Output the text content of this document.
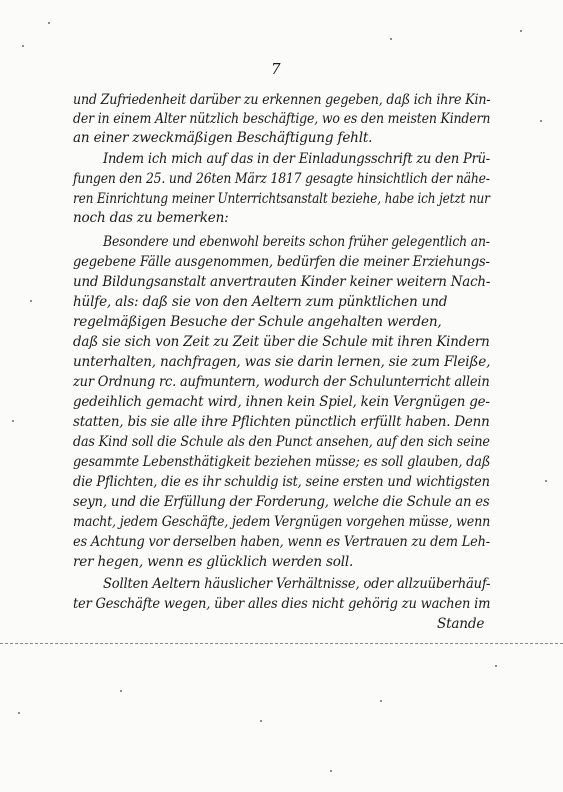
7
und Zufriedenheit darüber zu erkennen gegeben, daß ich ihre Kin-
der in einem Alter nützlich beschäftige, wo es den meisten Kindern
an einer zweckmäßigen Beschäftigung fehlt.
Indem ich mich auf das in der Einladungsschrift zu den Prü-
fungen den 25. und 26ten März 1817 gesagte hinsichtlich der nähe-
ren Einrichtung meiner Unterrichtsanstalt beziehe, habe ich jetzt nur
noch das zu bemerken:
Besondere und ebenwohl bereits schon früher gelegentlich an-
gegebene Fälle ausgenommen, bedürfen die meiner Erziehungs-
und Bildungsanstalt anvertrauten Kinder keiner weitern Nach-
hülfe, als: daß sie von den Aeltern zum pünktlichen und
regelmäßigen Besuche der Schule angehalten werden,
daß sie sich von Zeit zu Zeit über die Schule mit ihren Kindern
unterhalten, nachfragen, was sie darin lernen, sie zum Fleiße,
zur Ordnung rc. aufmuntern, wodurch der Schulunterricht allein
gedeihlich gemacht wird, ihnen kein Spiel, kein Vergnügen ge-
statten, bis sie alle ihre Pflichten pünctlich erfüllt haben. Denn
das Kind soll die Schule als den Punct ansehen, auf den sich seine
gesammte Lebensthätigkeit beziehen müsse; es soll glauben, daß
die Pflichten, die es ihr schuldig ist, seine ersten und wichtigsten
seyn, und die Erfüllung der Forderung, welche die Schule an es
macht, jedem Geschäfte, jedem Vergnügen vorgehen müsse, wenn
es Achtung vor derselben haben, wenn es Vertrauen zu dem Leh-
rer hegen, wenn es glücklich werden soll.
Sollten Aeltern häuslicher Verhältnisse, oder allzuüberhäuf-
ter Geschäfte wegen, über alles dies nicht gehörig zu wachen im
Stande
